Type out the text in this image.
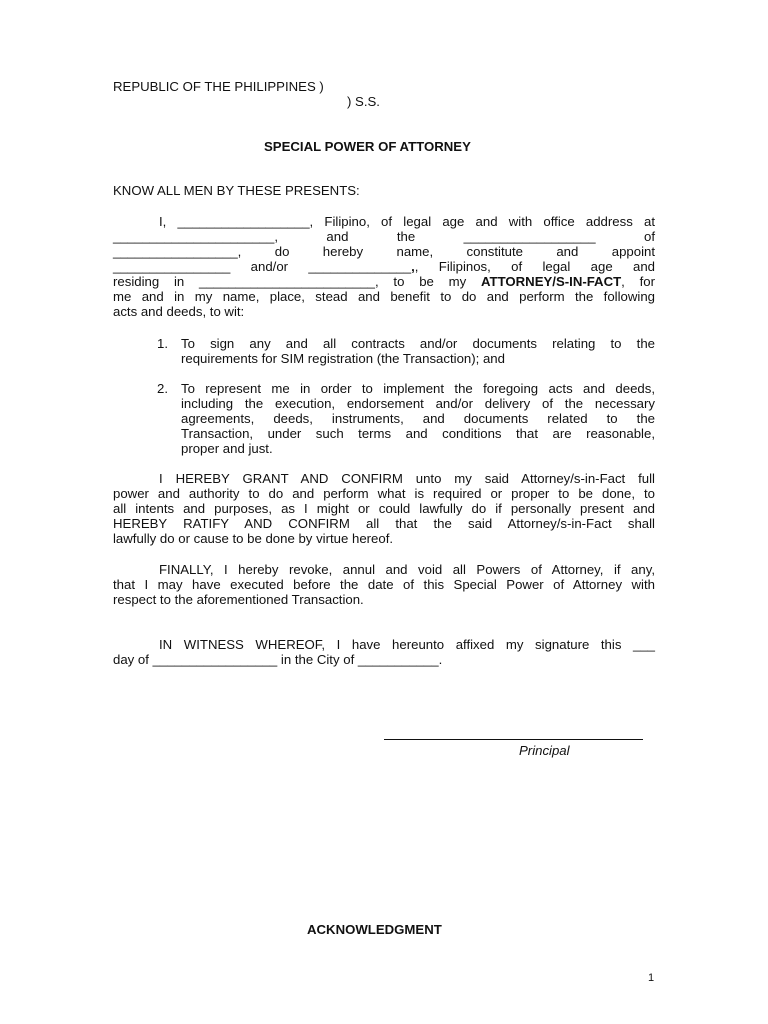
REPUBLIC OF THE PHILIPPINES )
) S.S.
SPECIAL POWER OF ATTORNEY
KNOW ALL MEN BY THESE PRESENTS:
I, __________________, Filipino, of legal age and with office address at
______________________, and the __________________ of
_________________, do hereby name, constitute and appoint
________________ and/or ______________,, Filipinos, of legal age and
residing in ________________________, to be my ATTORNEY/S-IN-FACT, for
me and in my name, place, stead and benefit to do and perform the following
acts and deeds, to wit:
1. To sign any and all contracts and/or documents relating to the
requirements for SIM registration (the Transaction); and
2. To represent me in order to implement the foregoing acts and deeds,
including the execution, endorsement and/or delivery of the necessary
agreements, deeds, instruments, and documents related to the
Transaction, under such terms and conditions that are reasonable,
proper and just.
I HEREBY GRANT AND CONFIRM unto my said Attorney/s-in-Fact full
power and authority to do and perform what is required or proper to be done, to
all intents and purposes, as I might or could lawfully do if personally present and
HEREBY RATIFY AND CONFIRM all that the said Attorney/s-in-Fact shall
lawfully do or cause to be done by virtue hereof.
FINALLY, I hereby revoke, annul and void all Powers of Attorney, if any,
that I may have executed before the date of this Special Power of Attorney with
respect to the aforementioned Transaction.
IN WITNESS WHEREOF, I have hereunto affixed my signature this ___
day of _________________ in the City of ___________.
Principal
ACKNOWLEDGMENT
1
